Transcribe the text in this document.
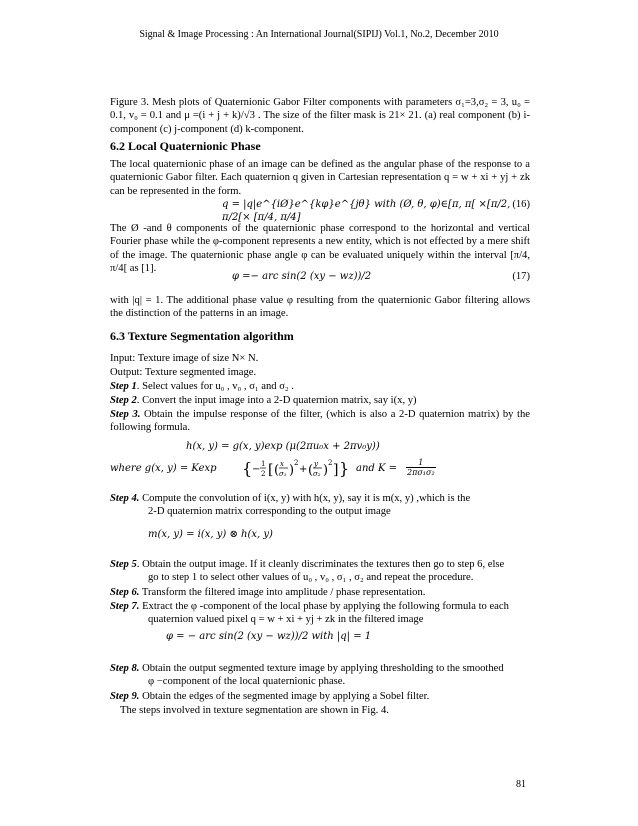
Signal & Image Processing : An International Journal(SIPIJ) Vol.1, No.2, December 2010
Figure 3. Mesh plots of Quaternionic Gabor Filter components with parameters σ₁=3,σ₂ = 3, u₀ = 0.1, v₀ = 0.1 and μ =(i + j + k)/√3 . The size of the filter mask is 21× 21. (a) real component (b) i-component (c) j-component (d) k-component.
6.2 Local Quaternionic Phase
The local quaternionic phase of an image can be defined as the angular phase of the response to a quaternionic Gabor filter. Each quaternion q given in Cartesian representation q = w + xi + yj + zk can be represented in the form.
q = |q|e^{iØ}e^{kφ}e^{jθ} with (Ø, θ, φ)∈[π, π[ ×[π/2, π/2[× [π/4, π/4]
(16)
The Ø -and θ components of the quaternionic phase correspond to the horizontal and vertical Fourier phase while the φ-component represents a new entity, which is not effected by a mere shift of the image. The quaternionic phase angle φ can be evaluated uniquely within the interval [π/4, π/4[ as [1].
φ =− arc sin(2 (xy − wz))/2	(17)
with |q| = 1. The additional phase value φ resulting from the quaternionic Gabor filtering allows the distinction of the patterns in an image.
6.3 Texture Segmentation algorithm
Input: Texture image of size N× N.
Output: Texture segmented image.
Step 1. Select values for u₀ , v₀ , σ₁ and σ₂ .
Step 2. Convert the input image into a 2-D quaternion matrix, say i(x, y)
Step 3. Obtain the impulse response of the filter, (which is also a 2-D quaternion matrix) by the following formula.
h(x, y) = g(x, y)exp (μ(2πu₀x + 2πv₀y))
where g(x, y) = Kexp { − 1
2 [ ( x
σ₁ ) 2
+ ( y
σ₂ ) 2 ] } and $K = \frac{1}{\text{2πσ₁σ₂}}$
Step 4. Compute the convolution of i(x, y) with h(x, y), say it is m(x, y) ,which is the
2-D quaternion matrix corresponding to the output image
m(x, y) = i(x, y) ⊗ h(x, y)
Step 5. Obtain the output image. If it cleanly discriminates the textures then go to step 6, else
go to step 1 to select other values of u₀ , v₀ , σ₁ , σ₂ and repeat the procedure.
Step 6. Transform the filtered image into amplitude / phase representation.
Step 7. Extract the φ -component of the local phase by applying the following formula to each
quaternion valued pixel q = w + xi + yj + zk in the filtered image
φ = − arc sin(2 (xy − wz))/2 with |q| = 1
Step 8. Obtain the output segmented texture image by applying thresholding to the smoothed
φ −component of the local quaternionic phase.
Step 9. Obtain the edges of the segmented image by applying a Sobel filter.
The steps involved in texture segmentation are shown in Fig. 4.
81
